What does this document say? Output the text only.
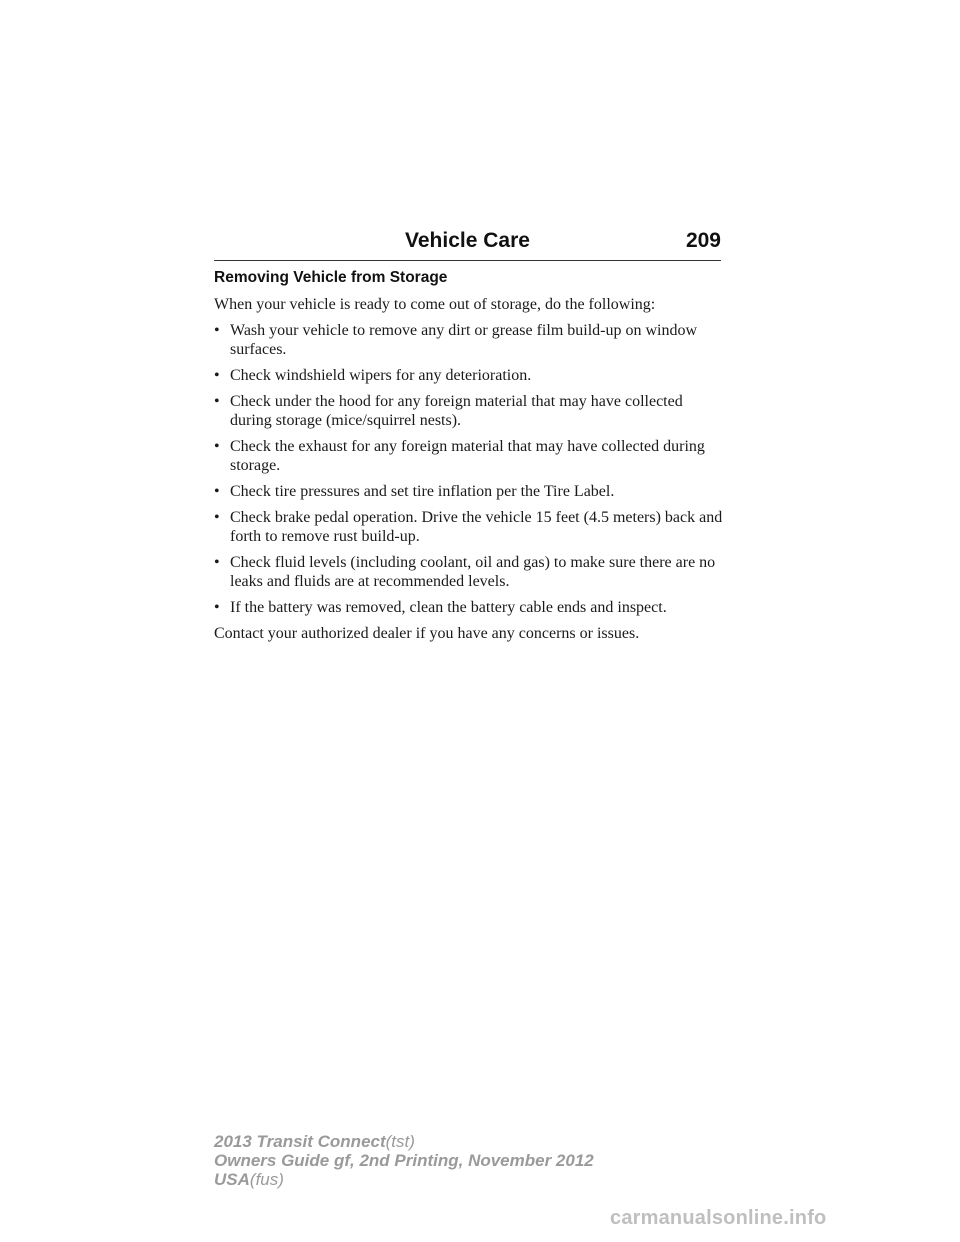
Vehicle Care	209
Removing Vehicle from Storage

When your vehicle is ready to come out of storage, do the following:

• Wash your vehicle to remove any dirt or grease film build-up on window surfaces.
• Check windshield wipers for any deterioration.
• Check under the hood for any foreign material that may have collected during storage (mice/squirrel nests).
• Check the exhaust for any foreign material that may have collected during storage.
• Check tire pressures and set tire inflation per the Tire Label.
• Check brake pedal operation. Drive the vehicle 15 feet (4.5 meters) back and forth to remove rust build-up.
• Check fluid levels (including coolant, oil and gas) to make sure there are no leaks and fluids are at recommended levels.
• If the battery was removed, clean the battery cable ends and inspect.

Contact your authorized dealer if you have any concerns or issues.

2013 Transit Connect(tst)
Owners Guide gf, 2nd Printing, November 2012
USA(fus)
carmanualsonline.info
